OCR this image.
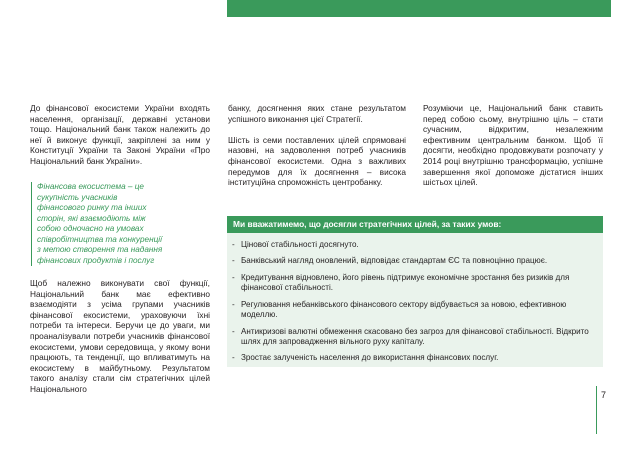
До фінансової екосистеми України входять населення, організації, державні установи тощо. Національний банк також належить до неї й виконує функції, закріплені за ним у Конституції України та Законі України «Про Національний банк України».

Фінансова екосистема – це сукупність учасників фінансового ринку та інших сторін, які взаємодіють між собою одночасно на умовах співробітництва та конкуренції з метою створення та надання фінансових продуктів і послуг

Щоб належно виконувати свої функції, Національний банк має ефективно взаємодіяти з усіма групами учасників фінансової екосистеми, ураховуючи їхні потреби та інтереси. Беручи це до уваги, ми проаналізували потреби учасників фінансової екосистеми, умови середовища, у якому вони працюють, та тенденції, що впливатимуть на екосистему в майбутньому. Результатом такого аналізу стали сім стратегічних цілей Національного

банку, досягнення яких стане результатом успішного виконання цієї Стратегії.

Шість із семи поставлених цілей спрямовані назовні, на задоволення потреб учасників фінансової екосистеми. Одна з важливих передумов для їх досягнення – висока інституційна спроможність центробанку.

Розуміючи це, Національний банк ставить перед собою сьому, внутрішню ціль – стати сучасним, відкритим, незалежним ефективним центральним банком. Щоб її досягти, необхідно продовжувати розпочату у 2014 році внутрішню трансформацію, успішне завершення якої допоможе дістатися інших шістьох цілей.

Ми вважатимемо, що досягли стратегічних цілей, за таких умов:
- Цінової стабільності досягнуто.
- Банківський нагляд оновлений, відповідає стандартам ЄС та повноцінно працює.
- Кредитування відновлено, його рівень підтримує економічне зростання без ризиків для фінансової стабільності.
- Регулювання небанківського фінансового сектору відбувається за новою, ефективною моделлю.
- Антикризові валютні обмеження скасовано без загроз для фінансової стабільності. Відкрито шлях для запровадження вільного руху капіталу.
- Зростає залученість населення до використання фінансових послуг.
7
